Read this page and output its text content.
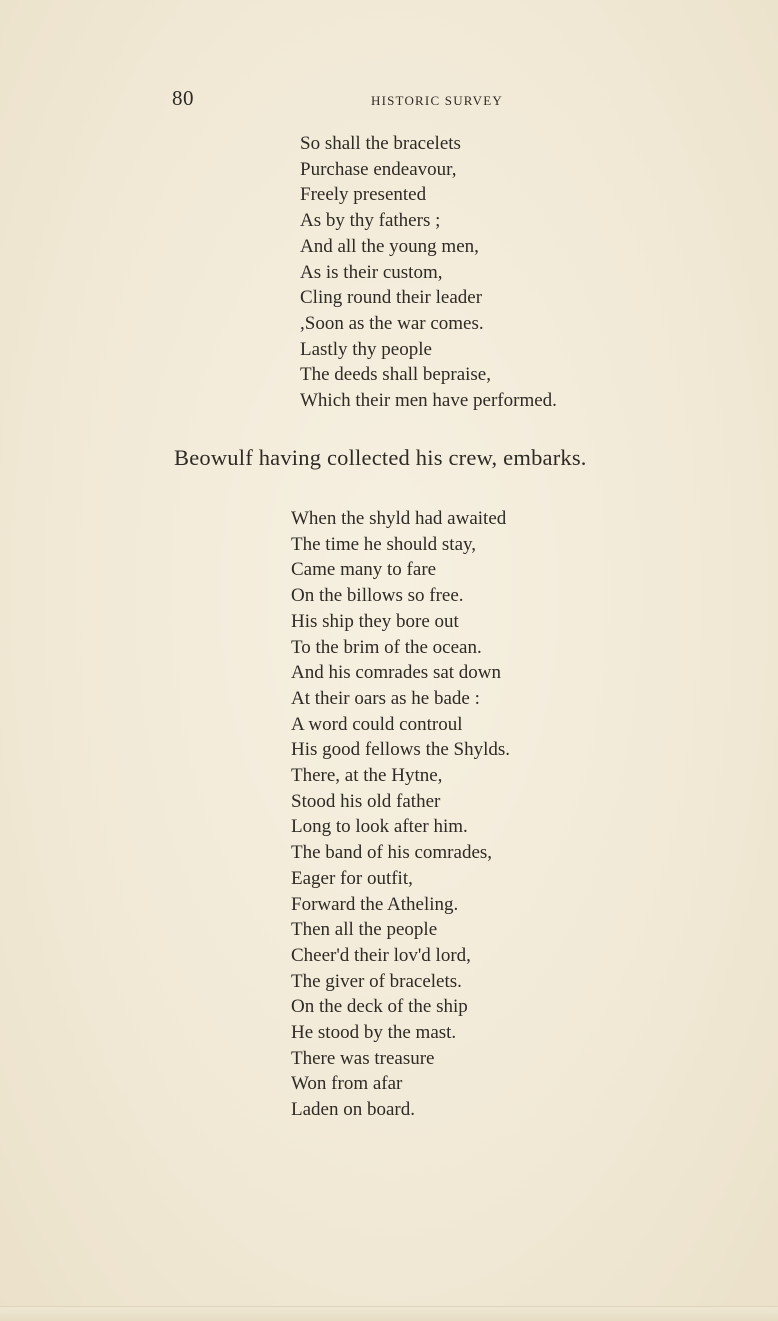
80	HISTORIC SURVEY
So shall the bracelets
Purchase endeavour,
Freely presented
As by thy fathers ;
And all the young men,
As is their custom,
Cling round their leader
,Soon as the war comes.
Lastly thy people
The deeds shall bepraise,
Which their men have performed.
Beowulf having collected his crew, embarks.
When the shyld had awaited
The time he should stay,
Came many to fare
On the billows so free.
His ship they bore out
To the brim of the ocean.
And his comrades sat down
At their oars as he bade :
A word could controul
His good fellows the Shylds.
There, at the Hytne,
Stood his old father
Long to look after him.
The band of his comrades,
Eager for outfit,
Forward the Atheling.
Then all the people
Cheer'd their lov'd lord,
The giver of bracelets.
On the deck of the ship
He stood by the mast.
There was treasure
Won from afar
Laden on board.
